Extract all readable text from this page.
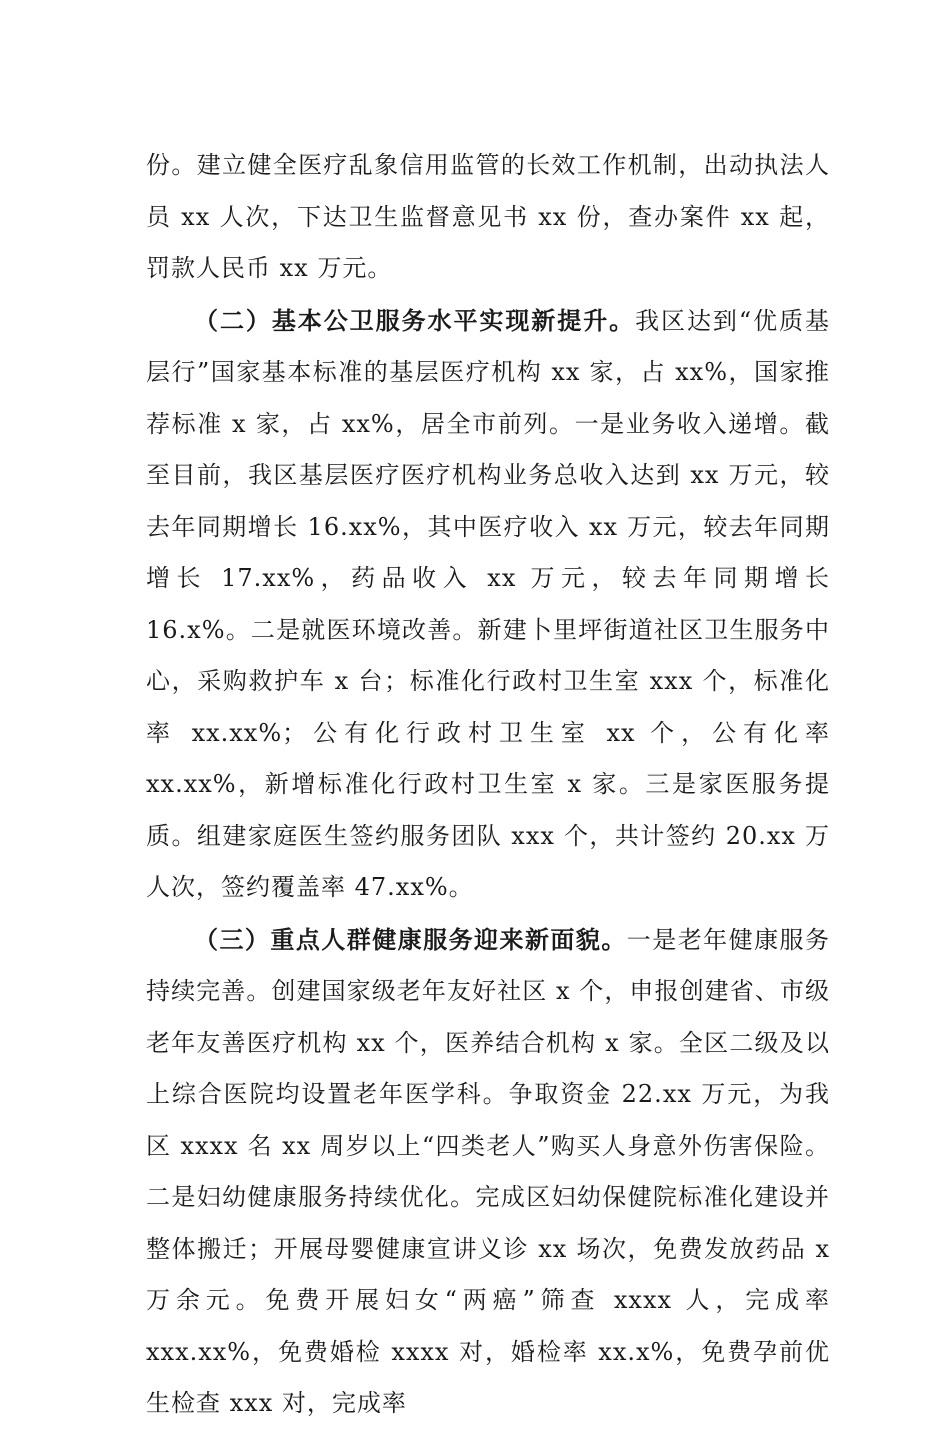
份。建立健全医疗乱象信用监管的长效工作机制，出动执法人员 xx 人次，下达卫生监督意见书 xx 份，查办案件 xx 起，罚款人民币 xx 万元。

（二）基本公卫服务水平实现新提升。我区达到“优质基层行”国家基本标准的基层医疗机构 xx 家，占 xx%，国家推荐标准 x 家，占 xx%，居全市前列。一是业务收入递增。截至目前，我区基层医疗医疗机构业务总收入达到 xx 万元，较去年同期增长 16.xx%，其中医疗收入 xx 万元，较去年同期增长 17.xx%，药品收入 xx 万元，较去年同期增长 16.x%。二是就医环境改善。新建卜里坪街道社区卫生服务中心，采购救护车 x 台；标准化行政村卫生室 xxx 个，标准化率 xx.xx%；公有化行政村卫生室 xx 个，公有化率 xx.xx%，新增标准化行政村卫生室 x 家。三是家医服务提质。组建家庭医生签约服务团队 xxx 个，共计签约 20.xx 万人次，签约覆盖率 47.xx%。

（三）重点人群健康服务迎来新面貌。一是老年健康服务持续完善。创建国家级老年友好社区 x 个，申报创建省、市级老年友善医疗机构 xx 个，医养结合机构 x 家。全区二级及以上综合医院均设置老年医学科。争取资金 22.xx 万元，为我区 xxxx 名 xx 周岁以上“四类老人”购买人身意外伤害保险。二是妇幼健康服务持续优化。完成区妇幼保健院标准化建设并整体搬迁；开展母婴健康宣讲义诊 xx 场次，免费发放药品 x 万余元。免费开展妇女“两癌”筛查 xxxx 人，完成率 xxx.xx%，免费婚检 xxxx 对，婚检率 xx.x%，免费孕前优生检查 xxx 对，完成率
